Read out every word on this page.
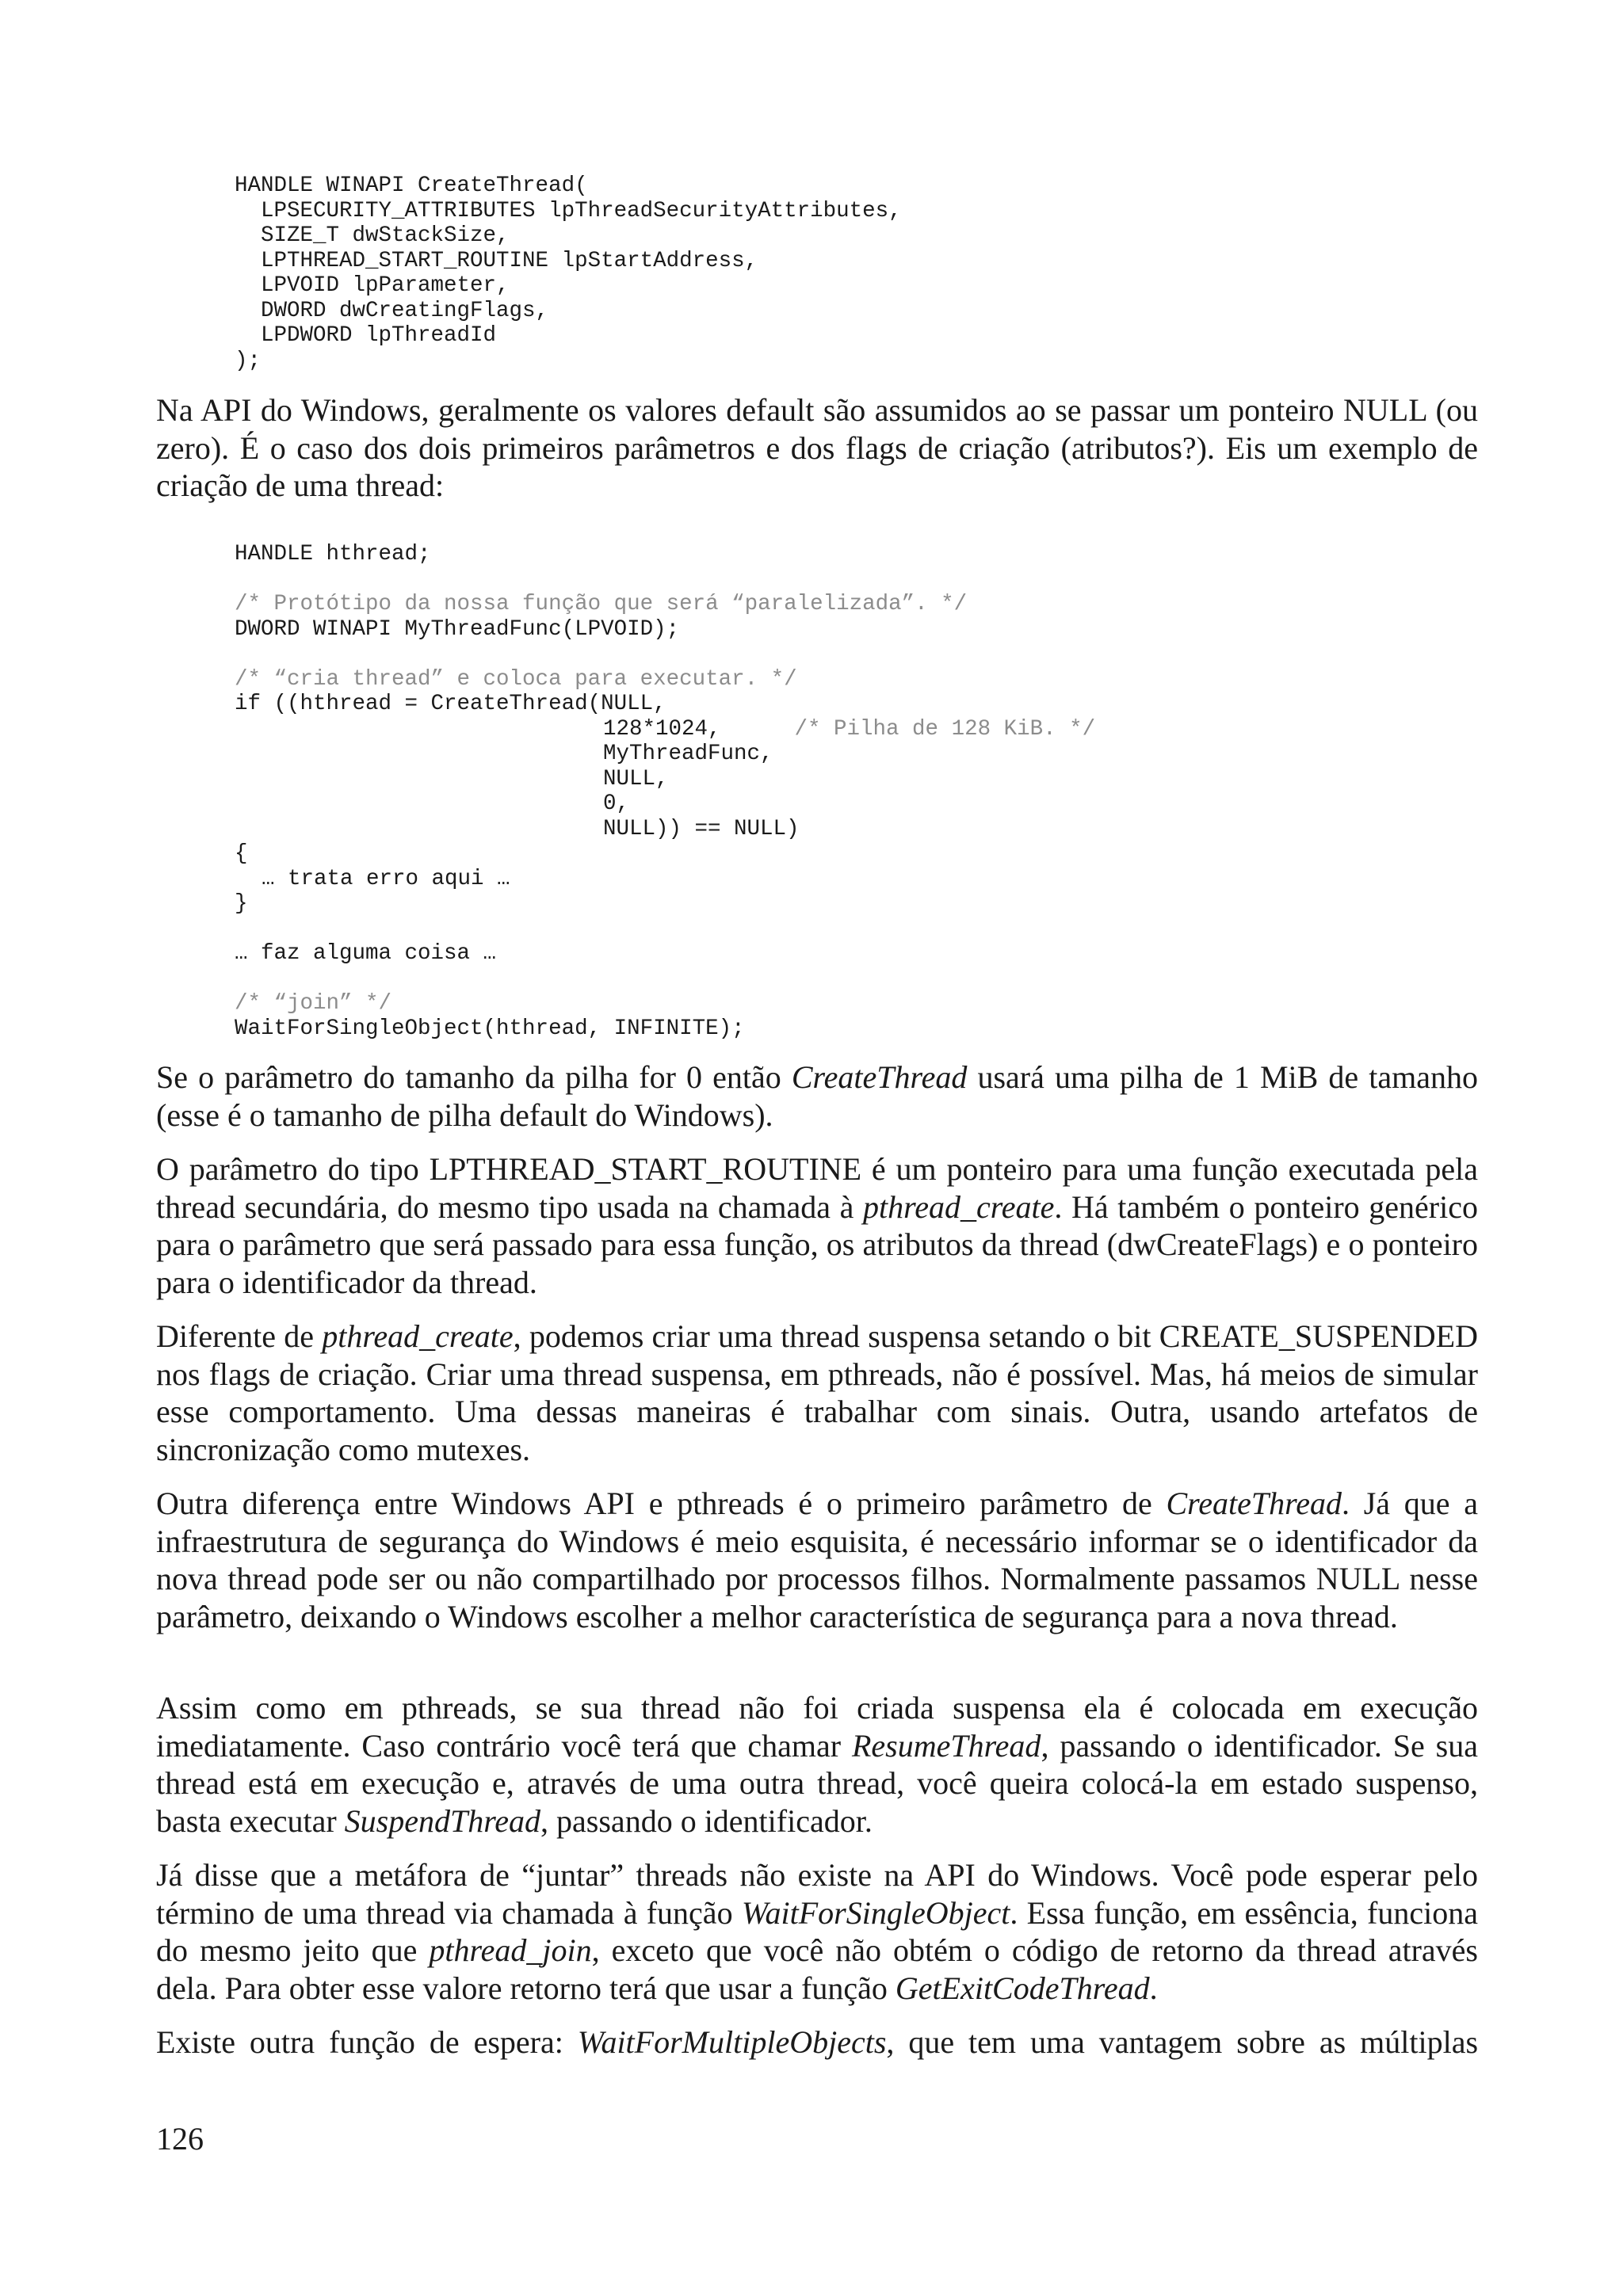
HANDLE WINAPI CreateThread(
LPSECURITY_ATTRIBUTES lpThreadSecurityAttributes,
SIZE_T dwStackSize,
LPTHREAD_START_ROUTINE lpStartAddress,
LPVOID lpParameter,
DWORD dwCreatingFlags,
LPDWORD lpThreadId
);

Na API do Windows, geralmente os valores default são assumidos ao se passar um ponteiro NULL (ou zero). É o caso dos dois primeiros parâmetros e dos flags de criação (atributos?). Eis um exemplo de criação de uma thread:

HANDLE hthread;
/* Protótipo da nossa função que será “paralelizada”. */
DWORD WINAPI MyThreadFunc(LPVOID);
/* “cria thread” e coloca para executar. */
if ((hthread = CreateThread(NULL,
128*1024,	/* Pilha de 128 KiB. */
MyThreadFunc,
NULL,
0,
NULL)) == NULL)
{
… trata erro aqui …
}
… faz alguma coisa …
/* “join” */
WaitForSingleObject(hthread, INFINITE);

Se o parâmetro do tamanho da pilha for 0 então CreateThread usará uma pilha de 1 MiB de tamanho (esse é o tamanho de pilha default do Windows).

O parâmetro do tipo LPTHREAD_START_ROUTINE é um ponteiro para uma função executada pela thread secundária, do mesmo tipo usada na chamada à pthread_create. Há também o ponteiro genérico para o parâmetro que será passado para essa função, os atributos da thread (dwCreateFlags) e o ponteiro para o identificador da thread.

Diferente de pthread_create, podemos criar uma thread suspensa setando o bit CREATE_SUSPENDED nos flags de criação. Criar uma thread suspensa, em pthreads, não é possível. Mas, há meios de simular esse comportamento. Uma dessas maneiras é trabalhar com sinais. Outra, usando artefatos de sincronização como mutexes.

Outra diferença entre Windows API e pthreads é o primeiro parâmetro de CreateThread. Já que a infraestrutura de segurança do Windows é meio esquisita, é necessário informar se o identificador da nova thread pode ser ou não compartilhado por processos filhos. Normalmente passamos NULL nesse parâmetro, deixando o Windows escolher a melhor característica de segurança para a nova thread.

Assim como em pthreads, se sua thread não foi criada suspensa ela é colocada em execução imediatamente. Caso contrário você terá que chamar ResumeThread, passando o identificador. Se sua thread está em execução e, através de uma outra thread, você queira colocá-la em estado suspenso, basta executar SuspendThread, passando o identificador.

Já disse que a metáfora de “juntar” threads não existe na API do Windows. Você pode esperar pelo término de uma thread via chamada à função WaitForSingleObject. Essa função, em essência, funciona do mesmo jeito que pthread_join, exceto que você não obtém o código de retorno da thread através dela. Para obter esse valore retorno terá que usar a função GetExitCodeThread.

Existe outra função de espera: WaitForMultipleObjects, que tem uma vantagem sobre as múltiplas

126
